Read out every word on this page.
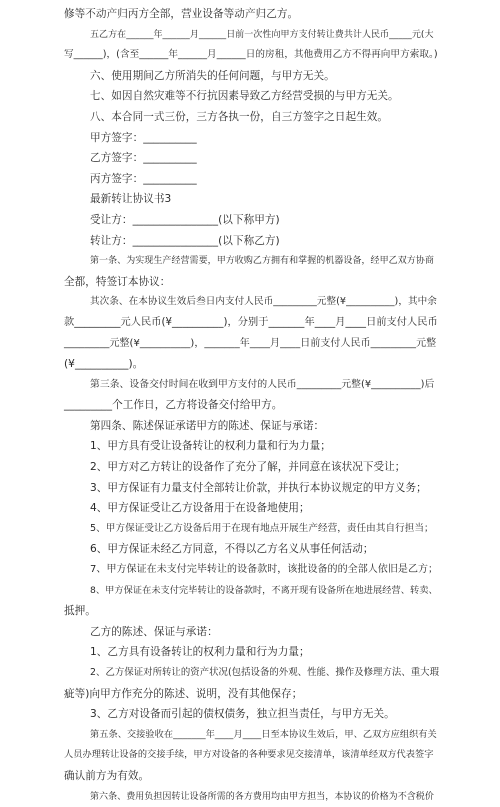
修等不动产归丙方全部，营业设备等动产归乙方。

五乙方在______年______月______日前一次性向甲方支付转让费共计人民币_____元(大

写______)，(含至______年______月______日的房租，其他费用乙方不得再向甲方索取。)

六、使用期间乙方所消失的任何问题，与甲方无关。

七、如因自然灾难等不行抗因素导致乙方经营受损的与甲方无关。

八、本合同一式三份，三方各执一份，自三方签字之日起生效。

甲方签字：__________

乙方签字：__________

丙方签字：__________

最新转让协议书3

受让方：________________(以下称甲方)

转让方：________________(以下称乙方)

第一条、为实现生产经营需要，甲方收购乙方拥有和掌握的机器设备，经甲乙双方协商

全都，特签订本协议：

其次条、在本协议生效后叁日内支付人民币_________元整(¥__________)，其中余

款_________元人民币(¥__________)，分别于_______年____月____日前支付人民币

_________元整(¥__________)，_______年____月____日前支付人民币_________元整

(¥__________)。

第三条、设备交付时间在收到甲方支付的人民币_________元整(¥__________)后

_________个工作日，乙方将设备交付给甲方。

第四条、陈述保证承诺甲方的陈述、保证与承诺：

1、甲方具有受让设备转让的权利力量和行为力量；

2、甲方对乙方转让的设备作了充分了解，并同意在该状况下受让；

3、甲方保证有力量支付全部转让价款，并执行本协议规定的甲方义务；

4、甲方保证受让乙方设备用于在设备地使用；

5、甲方保证受让乙方设备后用于在现有地点开展生产经营，责任由其自行担当；

6、甲方保证未经乙方同意，不得以乙方名义从事任何活动；

7、甲方保证在未支付完毕转让的设备款时，该批设备的的全部人依旧是乙方；

8、甲方保证在未支付完毕转让的设备款时，不离开现有设备所在地进展经营、转卖、

抵押。

乙方的陈述、保证与承诺：

1、乙方具有设备转让的权利力量和行为力量；

2、乙方保证对所转让的资产状况(包括设备的外观、性能、操作及修理方法、重大瑕

疵等)向甲方作充分的陈述、说明，没有其他保存；

3、乙方对设备而引起的债权债务，独立担当责任，与甲方无关。

第五条、交接验收在_______年____月____日至本协议生效后，甲、乙双方应组织有关

人员办理转让设备的交接手续，甲方对设备的各种要求见交接清单，该清单经双方代表签字

确认前方为有效。

第六条、费用负担因转让设备所需的各方费用均由甲方担当，本协议的价格为不含税价
